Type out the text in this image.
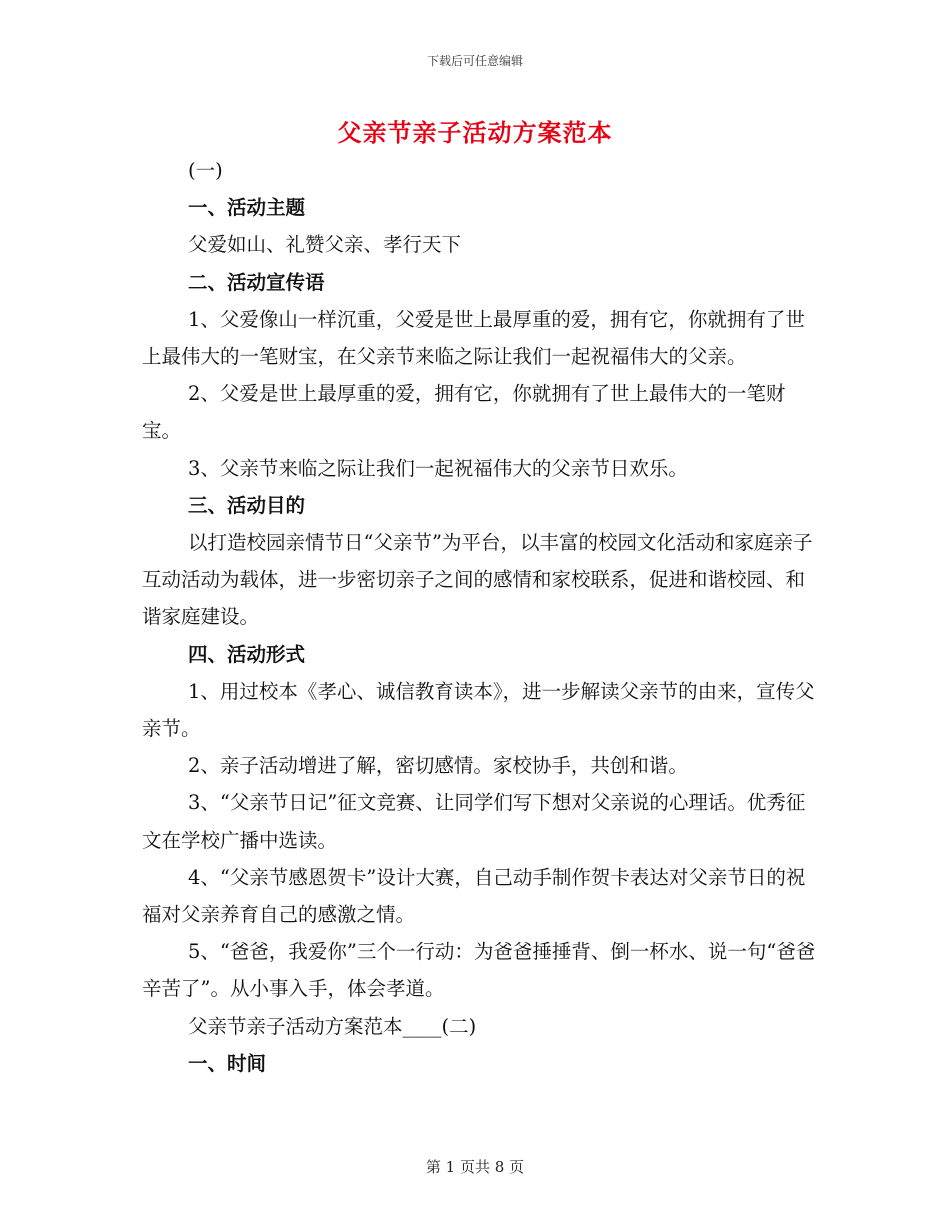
下载后可任意编辑
父亲节亲子活动方案范本

(一)

一、活动主题

父爱如山、礼赞父亲、孝行天下

二、活动宣传语

1、父爱像山一样沉重，父爱是世上最厚重的爱，拥有它，你就拥有了世上最伟大的一笔财宝，在父亲节来临之际让我们一起祝福伟大的父亲。

2、父爱是世上最厚重的爱，拥有它，你就拥有了世上最伟大的一笔财宝。

3、父亲节来临之际让我们一起祝福伟大的父亲节日欢乐。

三、活动目的

以打造校园亲情节日“父亲节”为平台，以丰富的校园文化活动和家庭亲子互动活动为载体，进一步密切亲子之间的感情和家校联系，促进和谐校园、和谐家庭建设。

四、活动形式

1、用过校本《孝心、诚信教育读本》，进一步解读父亲节的由来，宣传父亲节。

2、亲子活动增进了解，密切感情。家校协手，共创和谐。

3、“父亲节日记”征文竞赛、让同学们写下想对父亲说的心理话。优秀征文在学校广播中选读。

4、“父亲节感恩贺卡”设计大赛，自己动手制作贺卡表达对父亲节日的祝福对父亲养育自己的感激之情。

5、“爸爸，我爱你”三个一行动：为爸爸捶捶背、倒一杯水、说一句“爸爸辛苦了”。从小事入手，体会孝道。

父亲节亲子活动方案范本____(二)

一、时间

第 1 页共 8 页
